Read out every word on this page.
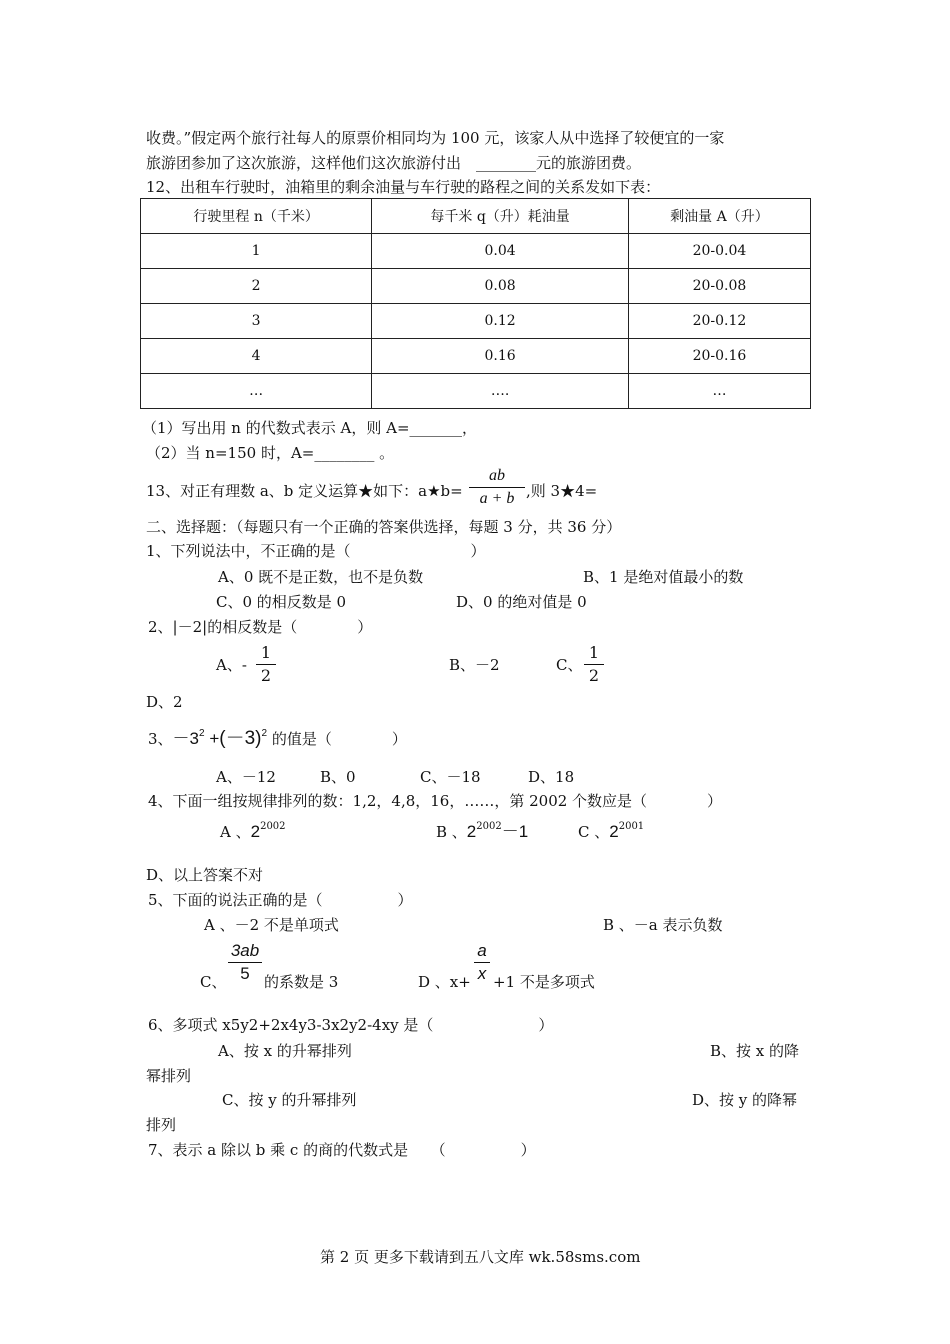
收费。”假定两个旅行社每人的原票价相同均为 100 元，该家人从中选择了较便宜的一家
旅游团参加了这次旅游，这样他们这次旅游付出　________元的旅游团费。
12、出租车行驶时，油箱里的剩余油量与车行驶的路程之间的关系发如下表：
行驶里程 n（千米）	每千米 q（升）耗油量	剩油量 A（升）
1	0.04	20-0.04
2	0.08	20-0.08
3	0.12	20-0.12
4	0.16	20-0.16
…	….	…
（1）写出用 n 的代数式表示 A，则 A=_______，
（2）当 n=150 时，A=________ 。
13、对正有理数 a、b 定义运算★如下：a★b=
ab
a + b ,则 3★4=
二、选择题：（每题只有一个正确的答案供选择，每题 3 分，共 36 分）
1、下列说法中，不正确的是（　　　　　　　　）
A、0 既不是正数，也不是负数	B、1 是绝对值最小的数
C、0 的相反数是 0	D、0 的绝对值是 0
2、|－2|的相反数是（　　　　）
A、-
1
2
B、－2	C、
1
2
D、2
3、$-3^2 +(-3)^2$ 的值是（　　　　）
A、－12	B、0	C、－18	D、18
4、下面一组按规律排列的数：1,2，4,8，16，……，第 2002 个数应是（　　　　）
A 、$2^{2002}$	B 、$2^{2002}-1$	C 、$2^{2001}$
D、以上答案不对
5、下面的说法正确的是（　　　　　）
A 、－2 不是单项式	B 、－a 表示负数
C、
3ab
5 的系数是 3	D 、x+
a
x +1 不是多项式
6、多项式 x5y2+2x4y3-3x2y2-4xy 是（　　　　　　　）
A、按 x 的升幂排列	B、按 x 的降
幂排列
C、按 y 的升幂排列	D、按 y 的降幂
排列
7、表示 a 除以 b 乘 c 的商的代数式是　　（　　　　　）
第 2 页 更多下载请到五八文库 wk.58sms.com
